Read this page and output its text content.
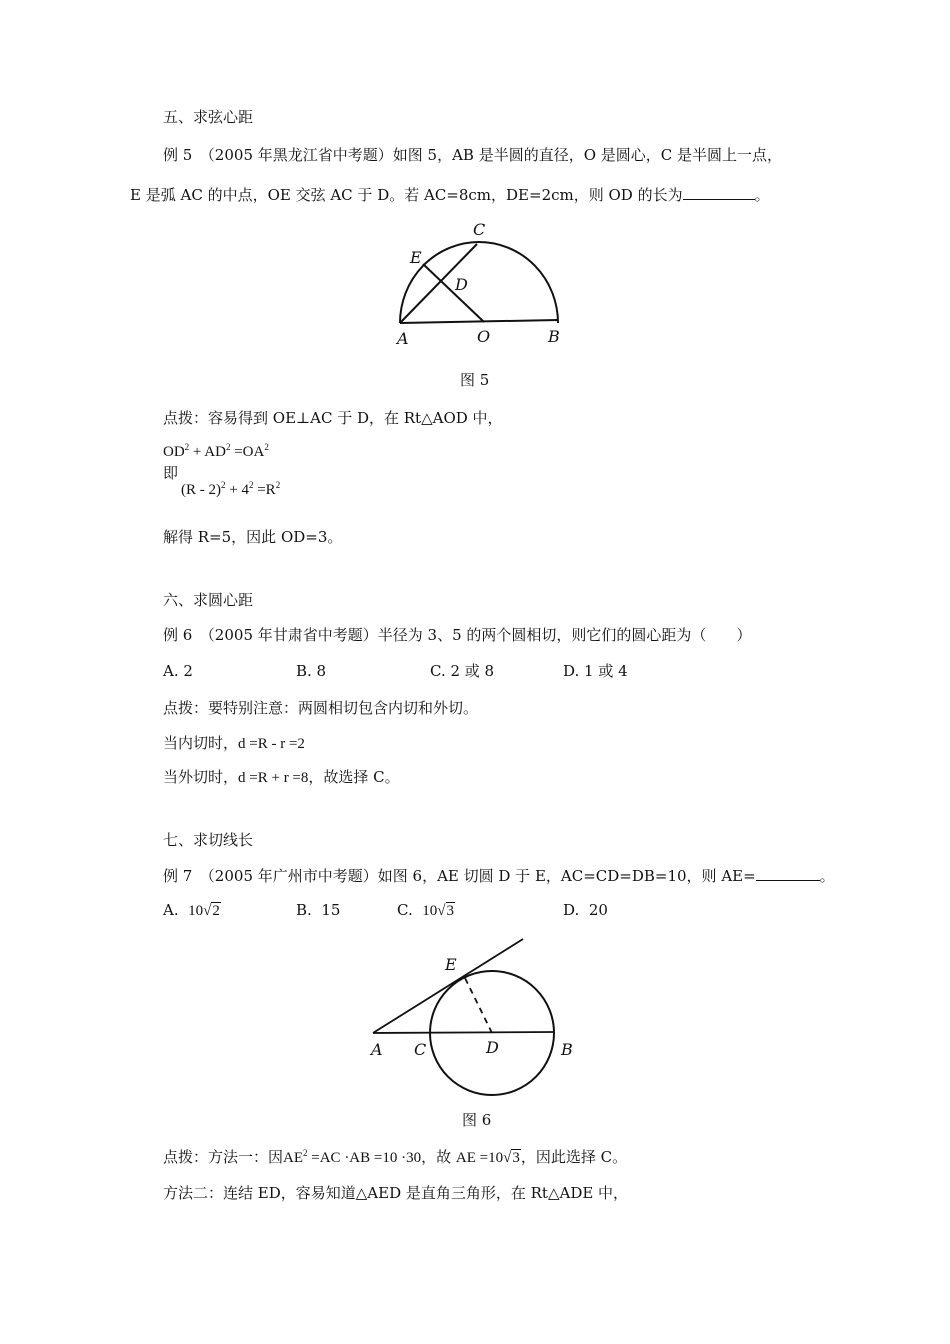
五、求弦心距
例 5　（2005 年黑龙江省中考题）如图 5，AB 是半圆的直径，O 是圆心，C 是半圆上一点，
E 是弧 AC 的中点，OE 交弦 AC 于 D。若 AC=8cm，DE=2cm，则 OD 的长为	。
C
E
D
A	O	B
图 5
点拨：容易得到 OE⊥AC 于 D，在 Rt△AOD 中，
$OD^2 + AD^2 =OA^2$
即
$(R - 2)^2 + 4^2 =R^2$
解得 R=5，因此 OD=3。
六、求圆心距
例 6　（2005 年甘肃省中考题）半径为 3、5 的两个圆相切，则它们的圆心距为（　　）
A. 2	B. 8	C. 2 或 8	D. 1 或 4
点拨：要特别注意：两圆相切包含内切和外切。
当内切时，d =R - r =2
当外切时，d =R + r =8，故选择 C。
七、求切线长
例 7　（2005 年广州市中考题）如图 6，AE 切圆 D 于 E，AC=CD=DB=10，则 AE=	。
A. 10√2	B. 15	C. 10√3	D. 20
E
A C	D	B
图 6
点拨：方法一：因$AE^2 =AC \cdot AB =10 \cdot 30$，故 AE =10√3，因此选择 C。
方法二：连结 ED，容易知道△AED 是直角三角形，在 Rt△ADE 中，
